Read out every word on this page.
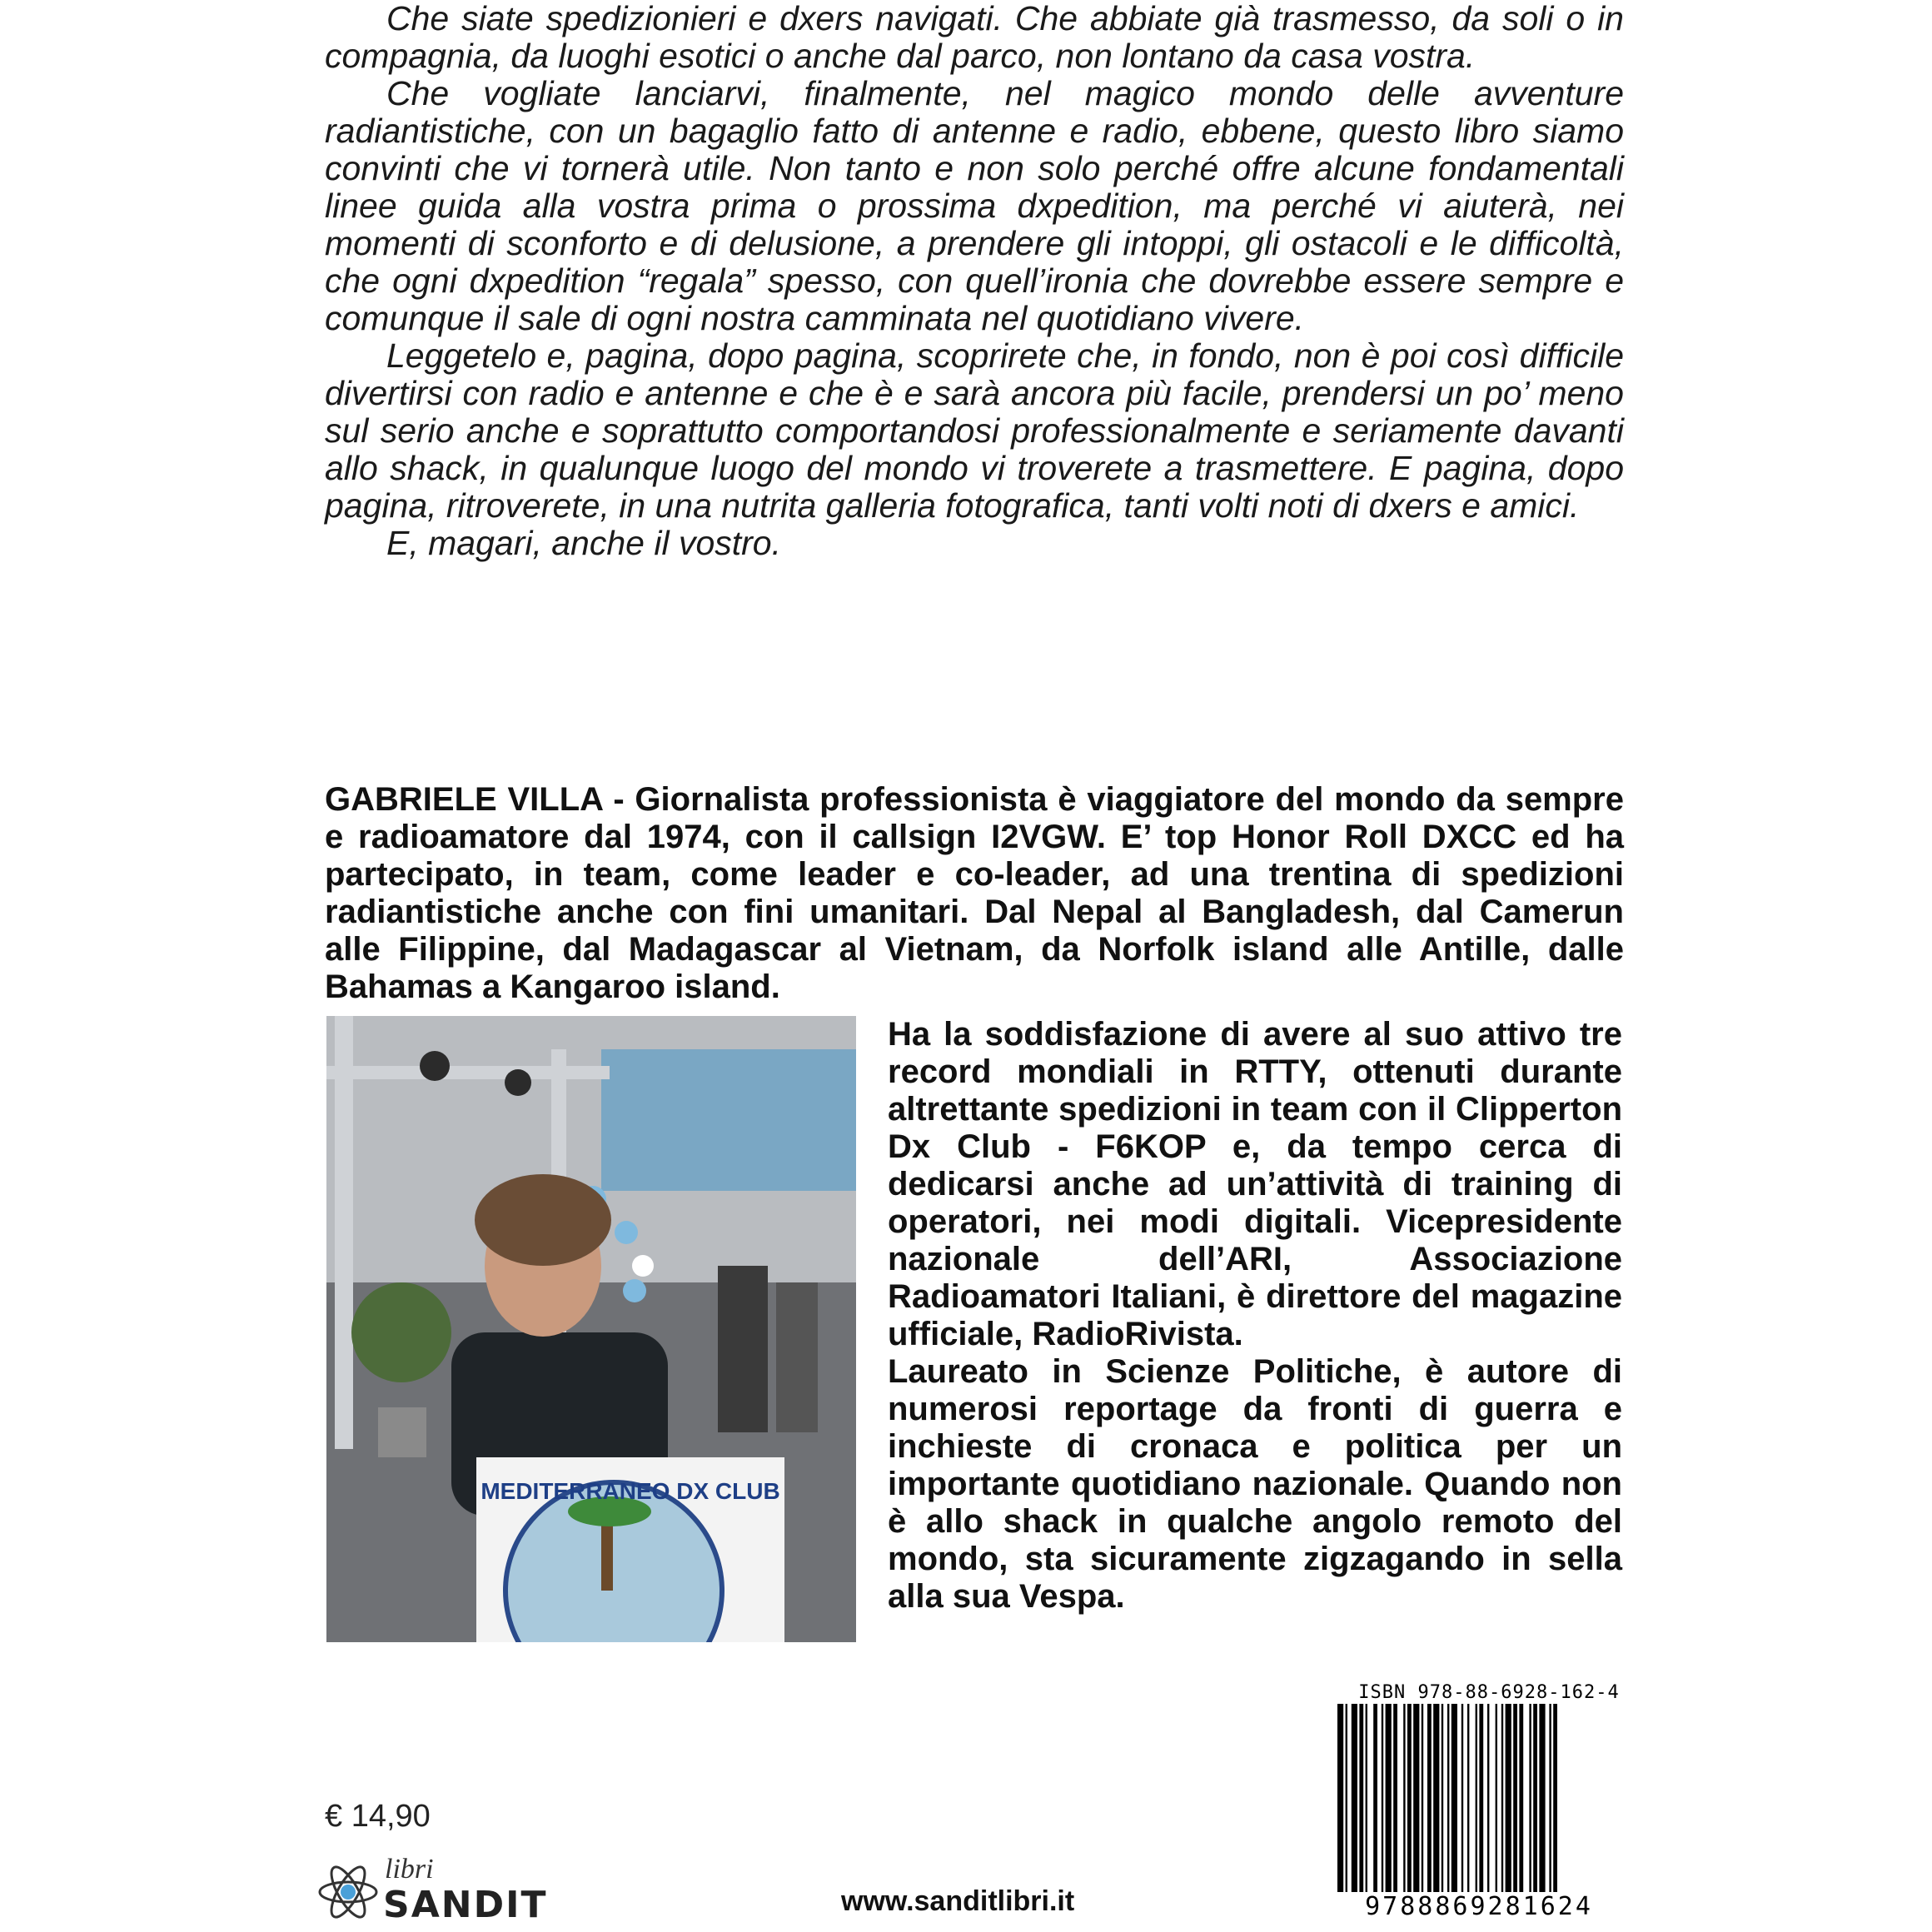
Che siate spedizionieri e dxers navigati. Che abbiate già trasmesso, da soli o in compagnia, da luoghi esotici o anche dal parco, non lontano da casa vostra.

Che vogliate lanciarvi, finalmente, nel magico mondo delle avventure radiantistiche, con un bagaglio fatto di antenne e radio, ebbene, questo libro siamo convinti che vi tornerà utile. Non tanto e non solo perché offre alcune fondamentali linee guida alla vostra prima o prossima dxpedition, ma perché vi aiuterà, nei momenti di sconforto e di delusione, a prendere gli intoppi, gli ostacoli e le difficoltà, che ogni dxpedition “regala” spesso, con quell’ironia che dovrebbe essere sempre e comunque il sale di ogni nostra camminata nel quotidiano vivere.

Leggetelo e, pagina, dopo pagina, scoprirete che, in fondo, non è poi così difficile divertirsi con radio e antenne e che è e sarà ancora più facile, prendersi un po’ meno sul serio anche e soprattutto comportandosi professionalmente e seriamente davanti allo shack, in qualunque luogo del mondo vi troverete a trasmettere. E pagina, dopo pagina, ritroverete, in una nutrita galleria fotografica, tanti volti noti di dxers e amici.

E, magari, anche il vostro.

GABRIELE VILLA - Giornalista professionista è viaggiatore del mondo da sempre e radioamatore dal 1974, con il callsign I2VGW. E’ top Honor Roll DXCC ed ha partecipato, in team, come leader e co-leader, ad una trentina di spedizioni radiantistiche anche con fini umanitari. Dal Nepal al Bangladesh, dal Camerun alle Filippine, dal Madagascar al Vietnam, da Norfolk island alle Antille, dalle Bahamas a Kangaroo island.

MEDITERRANEO DX CLUB

Ha la soddisfazione di avere al suo attivo tre record mondiali in RTTY, ottenuti durante altrettante spedizioni in team con il Clipperton Dx Club - F6KOP e, da tempo cerca di dedicarsi anche ad un’attività di training di operatori, nei modi digitali. Vicepresidente nazionale dell’ARI, Associazione Radioamatori Italiani, è direttore del magazine ufficiale, RadioRivista.

Laureato in Scienze Politiche, è autore di numerosi reportage da fronti di guerra e inchieste di cronaca e politica per un importante quotidiano nazionale. Quando non è allo shack in qualche angolo remoto del mondo, sta sicuramente zigzagando in sella alla sua Vespa.

ISBN 978-88-6928-162-4
9788869281624
€ 14,90
libri
SANDIT	www.sanditlibri.it
